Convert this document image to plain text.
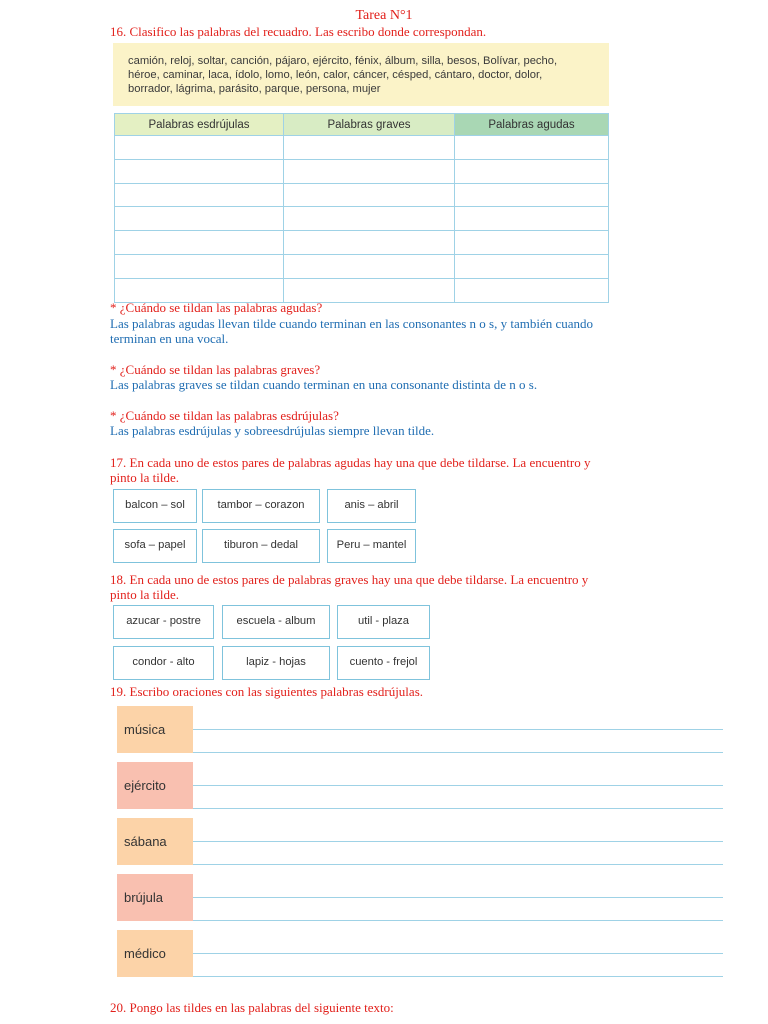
Tarea N°1
16. Clasifico las palabras del recuadro. Las escribo donde correspondan.
camión, reloj, soltar, canción, pájaro, ejército, fénix, álbum, silla, besos, Bolívar, pecho,
héroe, caminar, laca, ídolo, lomo, león, calor, cáncer, césped, cántaro, doctor, dolor,
borrador, lágrima, parásito, parque, persona, mujer
Palabras esdrújulas	Palabras graves	Palabras agudas

* ¿Cuándo se tildan las palabras agudas?
Las palabras agudas llevan tilde cuando terminan en las consonantes n o s, y también cuando
terminan en una vocal.
* ¿Cuándo se tildan las palabras graves?
Las palabras graves se tildan cuando terminan en una consonante distinta de n o s.
* ¿Cuándo se tildan las palabras esdrújulas?
Las palabras esdrújulas y sobreesdrújulas siempre llevan tilde.
17. En cada uno de estos pares de palabras agudas hay una que debe tildarse. La encuentro y
pinto la tilde.
balcon – sol	tambor – corazon	anis – abril
sofa – papel	tiburon – dedal	Peru – mantel
18. En cada uno de estos pares de palabras graves hay una que debe tildarse. La encuentro y
pinto la tilde.
azucar - postre	escuela - album	util - plaza
condor - alto	lapiz - hojas	cuento - frejol
19. Escribo oraciones con las siguientes palabras esdrújulas.
música
ejército
sábana
brújula
médico
20. Pongo las tildes en las palabras del siguiente texto:
